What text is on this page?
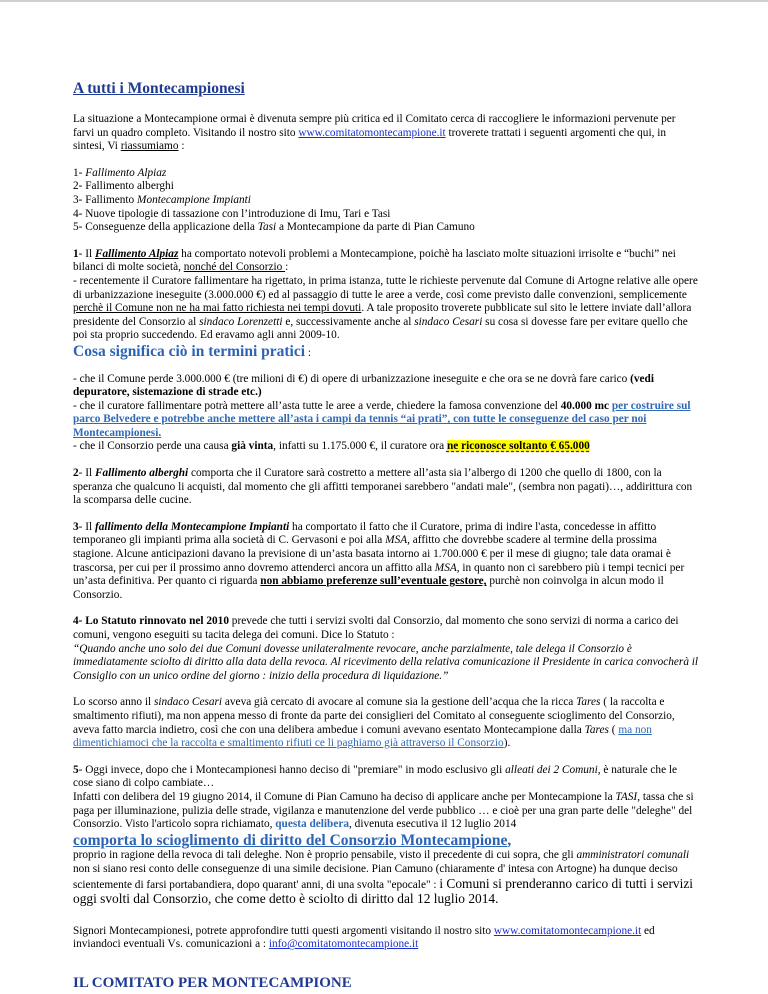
A tutti i Montecampionesi

La situazione a Montecampione ormai è divenuta sempre più critica ed il Comitato cerca di raccogliere le informazioni pervenute per farvi un quadro completo. Visitando il nostro sito www.comitatomontecampione.it troverete trattati i seguenti argomenti che qui, in sintesi, Vi riassumiamo :

1- Fallimento Alpiaz
2- Fallimento alberghi
3- Fallimento Montecampione Impianti
4- Nuove tipologie di tassazione con l’introduzione di Imu, Tari e Tasi
5- Conseguenze della applicazione della Tasi a Montecampione da parte di Pian Camuno

1- Il Fallimento Alpiaz ha comportato notevoli problemi a Montecampione, poichè ha lasciato molte situazioni irrisolte e “buchi” nei bilanci di molte società, nonché del Consorzio :
- recentemente il Curatore fallimentare ha rigettato, in prima istanza, tutte le richieste pervenute dal Comune di Artogne relative alle opere di urbanizzazione ineseguite (3.000.000 €) ed al passaggio di tutte le aree a verde, così come previsto dalle convenzioni, semplicemente perchè il Comune non ne ha mai fatto richiesta nei tempi dovuti. A tale proposito troverete pubblicate sul sito le lettere inviate dall’allora presidente del Consorzio al sindaco Lorenzetti e, successivamente anche al sindaco Cesari su cosa si dovesse fare per evitare quello che poi sta proprio succedendo. Ed eravamo agli anni 2009-10.

Cosa significa ciò in termini pratici :

- che il Comune perde 3.000.000 € (tre milioni di €) di opere di urbanizzazione ineseguite e che ora se ne dovrà fare carico (vedi depuratore, sistemazione di strade etc.)
- che il curatore fallimentare potrà mettere all’asta tutte le aree a verde, chiedere la famosa convenzione del 40.000 mc per costruire sul parco Belvedere e potrebbe anche mettere all’asta i campi da tennis “ai prati”, con tutte le conseguenze del caso per noi Montecampionesi.
- che il Consorzio perde una causa già vinta, infatti su 1.175.000 €, il curatore ora ne riconosce soltanto € 65.000

2- Il Fallimento alberghi comporta che il Curatore sarà costretto a mettere all’asta sia l’albergo di 1200 che quello di 1800, con la speranza che qualcuno li acquisti, dal momento che gli affitti temporanei sarebbero "andati male", (sembra non pagati)…, addirittura con la scomparsa delle cucine.

3- Il fallimento della Montecampione Impianti ha comportato il fatto che il Curatore, prima di indire l'asta, concedesse in affitto temporaneo gli impianti prima alla società di C. Gervasoni e poi alla MSA, affitto che dovrebbe scadere al termine della prossima stagione. Alcune anticipazioni davano la previsione di un’asta basata intorno ai 1.700.000 € per il mese di giugno; tale data oramai è trascorsa, per cui per il prossimo anno dovremo attenderci ancora un affitto alla MSA, in quanto non ci sarebbero più i tempi tecnici per un’asta definitiva. Per quanto ci riguarda non abbiamo preferenze sull’eventuale gestore, purchè non coinvolga in alcun modo il Consorzio.

4- Lo Statuto rinnovato nel 2010 prevede che tutti i servizi svolti dal Consorzio, dal momento che sono servizi di norma a carico dei comuni, vengono eseguiti su tacita delega dei comuni. Dice lo Statuto :
“Quando anche uno solo dei due Comuni dovesse unilateralmente revocare, anche parzialmente, tale delega il Consorzio è immediatamente sciolto di diritto alla data della revoca. Al ricevimento della relativa comunicazione il Presidente in carica convocherà il Consiglio con un unico ordine del giorno : inizio della procedura di liquidazione.”

Lo scorso anno il sindaco Cesari aveva già cercato di avocare al comune sia la gestione dell’acqua che la ricca Tares ( la raccolta e smaltimento rifiuti), ma non appena messo di fronte da parte dei consiglieri del Comitato al conseguente scioglimento del Consorzio, aveva fatto marcia indietro, così che con una delibera ambedue i comuni avevano esentato Montecampione dalla Tares ( ma non dimentichiamoci che la raccolta e smaltimento rifiuti ce li paghiamo già attraverso il Consorzio).

5- Oggi invece, dopo che i Montecampionesi hanno deciso di "premiare" in modo esclusivo gli alleati dei 2 Comuni, è naturale che le cose siano di colpo cambiate…
Infatti con delibera del 19 giugno 2014, il Comune di Pian Camuno ha deciso di applicare anche per Montecampione la TASI, tassa che si paga per illuminazione, pulizia delle strade, vigilanza e manutenzione del verde pubblico … e cioè per una gran parte delle "deleghe" del Consorzio. Visto l'articolo sopra richiamato, questa delibera, divenuta esecutiva il 12 luglio 2014
comporta lo scioglimento di diritto del Consorzio Montecampione,
proprio in ragione della revoca di tali deleghe. Non è proprio pensabile, visto il precedente di cui sopra, che gli amministratori comunali non si siano resi conto delle conseguenze di una simile decisione. Pian Camuno (chiaramente d' intesa con Artogne) ha dunque deciso scientemente di farsi portabandiera, dopo quarant' anni, di una svolta "epocale" : i Comuni si prenderanno carico di tutti i servizi oggi svolti dal Consorzio, che come detto è sciolto di diritto dal 12 luglio 2014.

Signori Montecampionesi, potrete approfondire tutti questi argomenti visitando il nostro sito www.comitatomontecampione.it ed inviandoci eventuali Vs. comunicazioni a : info@comitatomontecampione.it

IL COMITATO PER MONTECAMPIONE
